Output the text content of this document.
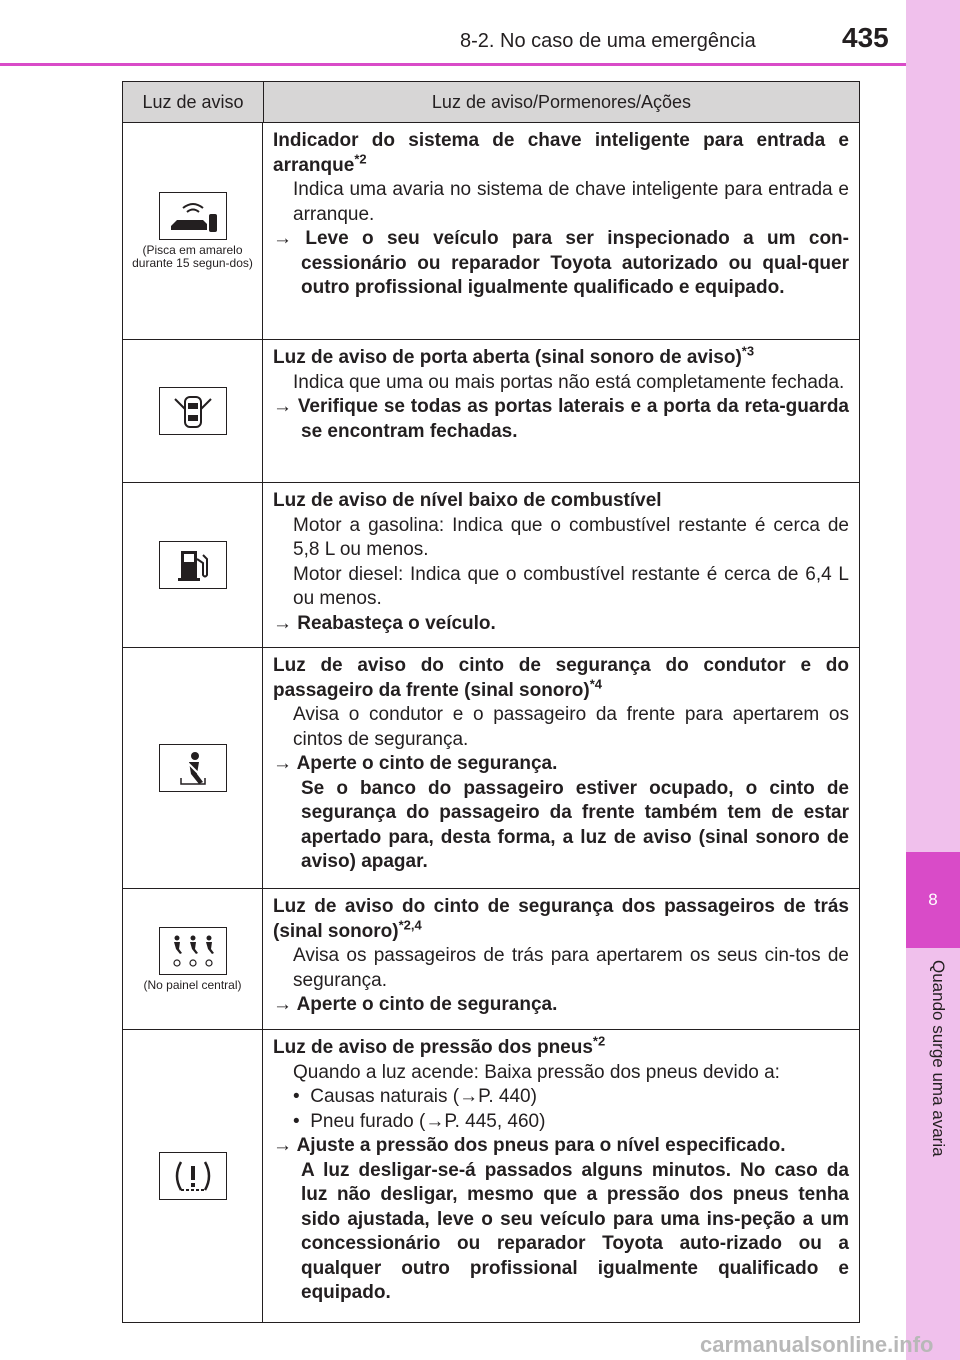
8
Quando surge uma avaria
8-2. No caso de uma emergência	435
Luz de aviso	Luz de aviso/Pormenores/Ações
(Pisca em amarelo durante 15 segun-dos)
Indicador do sistema de chave inteligente para entrada e arranque$^{*2}$
Indica uma avaria no sistema de chave inteligente para entrada e arranque.
→ Leve o seu veículo para ser inspecionado a um con-cessionário ou reparador Toyota autorizado ou qual-quer outro profissional igualmente qualificado e equipado.
Luz de aviso de porta aberta (sinal sonoro de aviso)$^{*3}$
Indica que uma ou mais portas não está completamente fechada.
→ Verifique se todas as portas laterais e a porta da reta-guarda se encontram fechadas.
Luz de aviso de nível baixo de combustível
Motor a gasolina: Indica que o combustível restante é cerca de 5,8 L ou menos.
Motor diesel: Indica que o combustível restante é cerca de 6,4 L ou menos.
→ Reabasteça o veículo.
Luz de aviso do cinto de segurança do condutor e do passageiro da frente (sinal sonoro)$^{*4}$
Avisa o condutor e o passageiro da frente para apertarem os cintos de segurança.
→ Aperte o cinto de segurança.
Se o banco do passageiro estiver ocupado, o cinto de segurança do passageiro da frente também tem de estar apertado para, desta forma, a luz de aviso (sinal sonoro de aviso) apagar.
(No painel central)
Luz de aviso do cinto de segurança dos passageiros de trás (sinal sonoro)$^{*2,4}$
Avisa os passageiros de trás para apertarem os seus cin-tos de segurança.
→ Aperte o cinto de segurança.
Luz de aviso de pressão dos pneus$^{*2}$
Quando a luz acende: Baixa pressão dos pneus devido a:
• Causas naturais (→P. 440)
• Pneu furado (→P. 445, 460)
→ Ajuste a pressão dos pneus para o nível especificado.
A luz desligar-se-á passados alguns minutos. No caso da luz não desligar, mesmo que a pressão dos pneus tenha sido ajustada, leve o seu veículo para uma ins-peção a um concessionário ou reparador Toyota auto-rizado ou a qualquer outro profissional igualmente qualificado e equipado.
carmanualsonline.info
